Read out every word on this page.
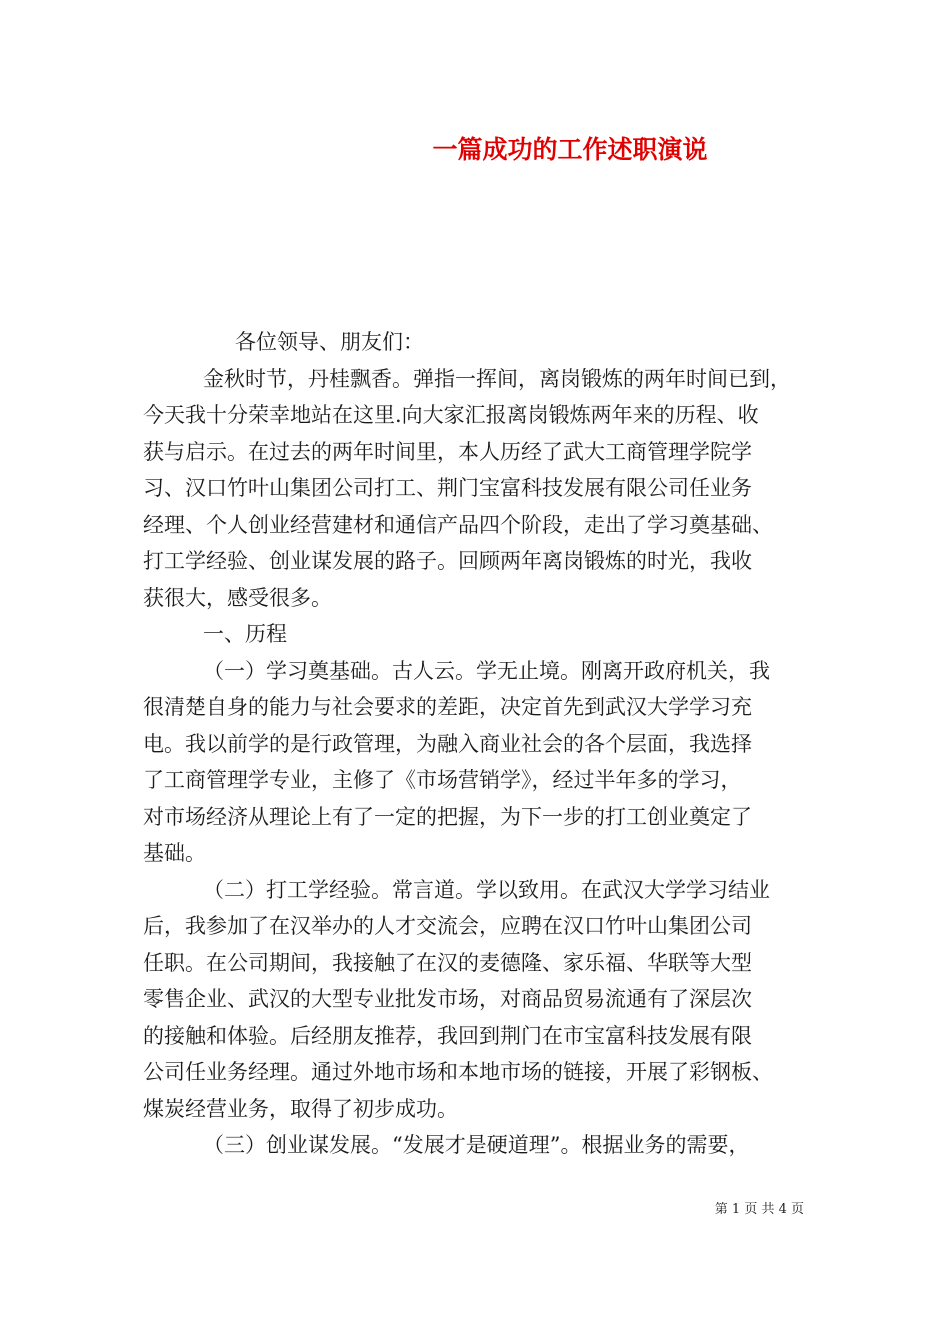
一篇成功的工作述职演说
各位领导、朋友们：
金秋时节，丹桂飘香。弹指一挥间，离岗锻炼的两年时间已到，
今天我十分荣幸地站在这里.向大家汇报离岗锻炼两年来的历程、收
获与启示。在过去的两年时间里，本人历经了武大工商管理学院学
习、汉口竹叶山集团公司打工、荆门宝富科技发展有限公司任业务
经理、个人创业经营建材和通信产品四个阶段，走出了学习奠基础、
打工学经验、创业谋发展的路子。回顾两年离岗锻炼的时光，我收
获很大，感受很多。
一、历程
（一）学习奠基础。古人云。学无止境。刚离开政府机关，我
很清楚自身的能力与社会要求的差距，决定首先到武汉大学学习充
电。我以前学的是行政管理，为融入商业社会的各个层面，我选择
了工商管理学专业，主修了《市场营销学》，经过半年多的学习，
对市场经济从理论上有了一定的把握，为下一步的打工创业奠定了
基础。
（二）打工学经验。常言道。学以致用。在武汉大学学习结业
后，我参加了在汉举办的人才交流会，应聘在汉口竹叶山集团公司
任职。在公司期间，我接触了在汉的麦德隆、家乐福、华联等大型
零售企业、武汉的大型专业批发市场，对商品贸易流通有了深层次
的接触和体验。后经朋友推荐，我回到荆门在市宝富科技发展有限
公司任业务经理。通过外地市场和本地市场的链接，开展了彩钢板、
煤炭经营业务，取得了初步成功。
（三）创业谋发展。“发展才是硬道理”。根据业务的需要，
第 1 页 共 4 页
